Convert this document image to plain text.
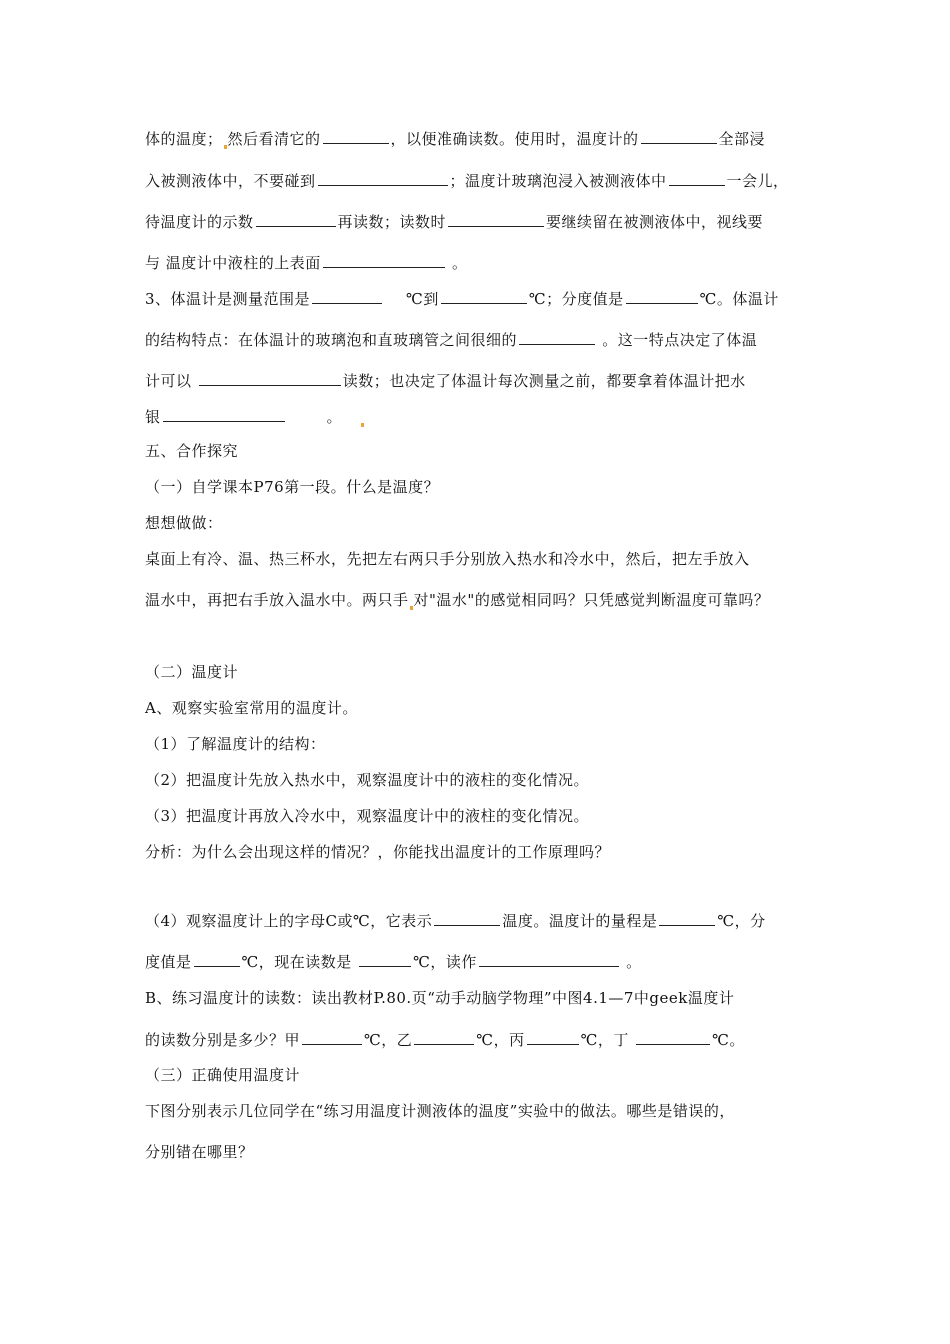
体的温度； 然后看清它的	，以便准确读数。使用时，温度计的	全部浸
入被测液体中，不要碰到	；温度计玻璃泡浸入被测液体中	一会儿，
待温度计的示数	再读数；读数时	要继续留在被测液体中，视线要
与 温度计中液柱的上表面	。
3、体温计是测量范围是	℃到	℃；分度值是	℃。体温计
的结构特点：在体温计的玻璃泡和直玻璃管之间很细的	。这一特点决定了体温
计可以	读数；也决定了体温计每次测量之前，都要拿着体温计把水
银	。
五、合作探究
（一）自学课本P76第一段。什么是温度？
想想做做：
桌面上有冷、温、热三杯水，先把左右两只手分别放入热水和冷水中，然后，把左手放入
温水中，再把右手放入温水中。两只手 对"温水"的感觉相同吗？只凭感觉判断温度可靠吗？
（二）温度计
A、观察实验室常用的温度计。
（1）了解温度计的结构：
（2）把温度计先放入热水中，观察温度计中的液柱的变化情况。
（3）把温度计再放入冷水中，观察温度计中的液柱的变化情况。
分析：为什么会出现这样的情况？，你能找出温度计的工作原理吗？
（4）观察温度计上的字母C或℃，它表示	温度。温度计的量程是	℃，分
度值是	℃，现在读数是	℃，读作	。
B、练习温度计的读数：读出教材P.80.页“动手动脑学物理”中图4.1—7中geek温度计
的读数分别是多少？甲	℃，乙	℃，丙	℃，丁	℃。
（三）正确使用温度计
下图分别表示几位同学在“练习用温度计测液体的温度”实验中的做法。哪些是错误的，
分别错在哪里？
